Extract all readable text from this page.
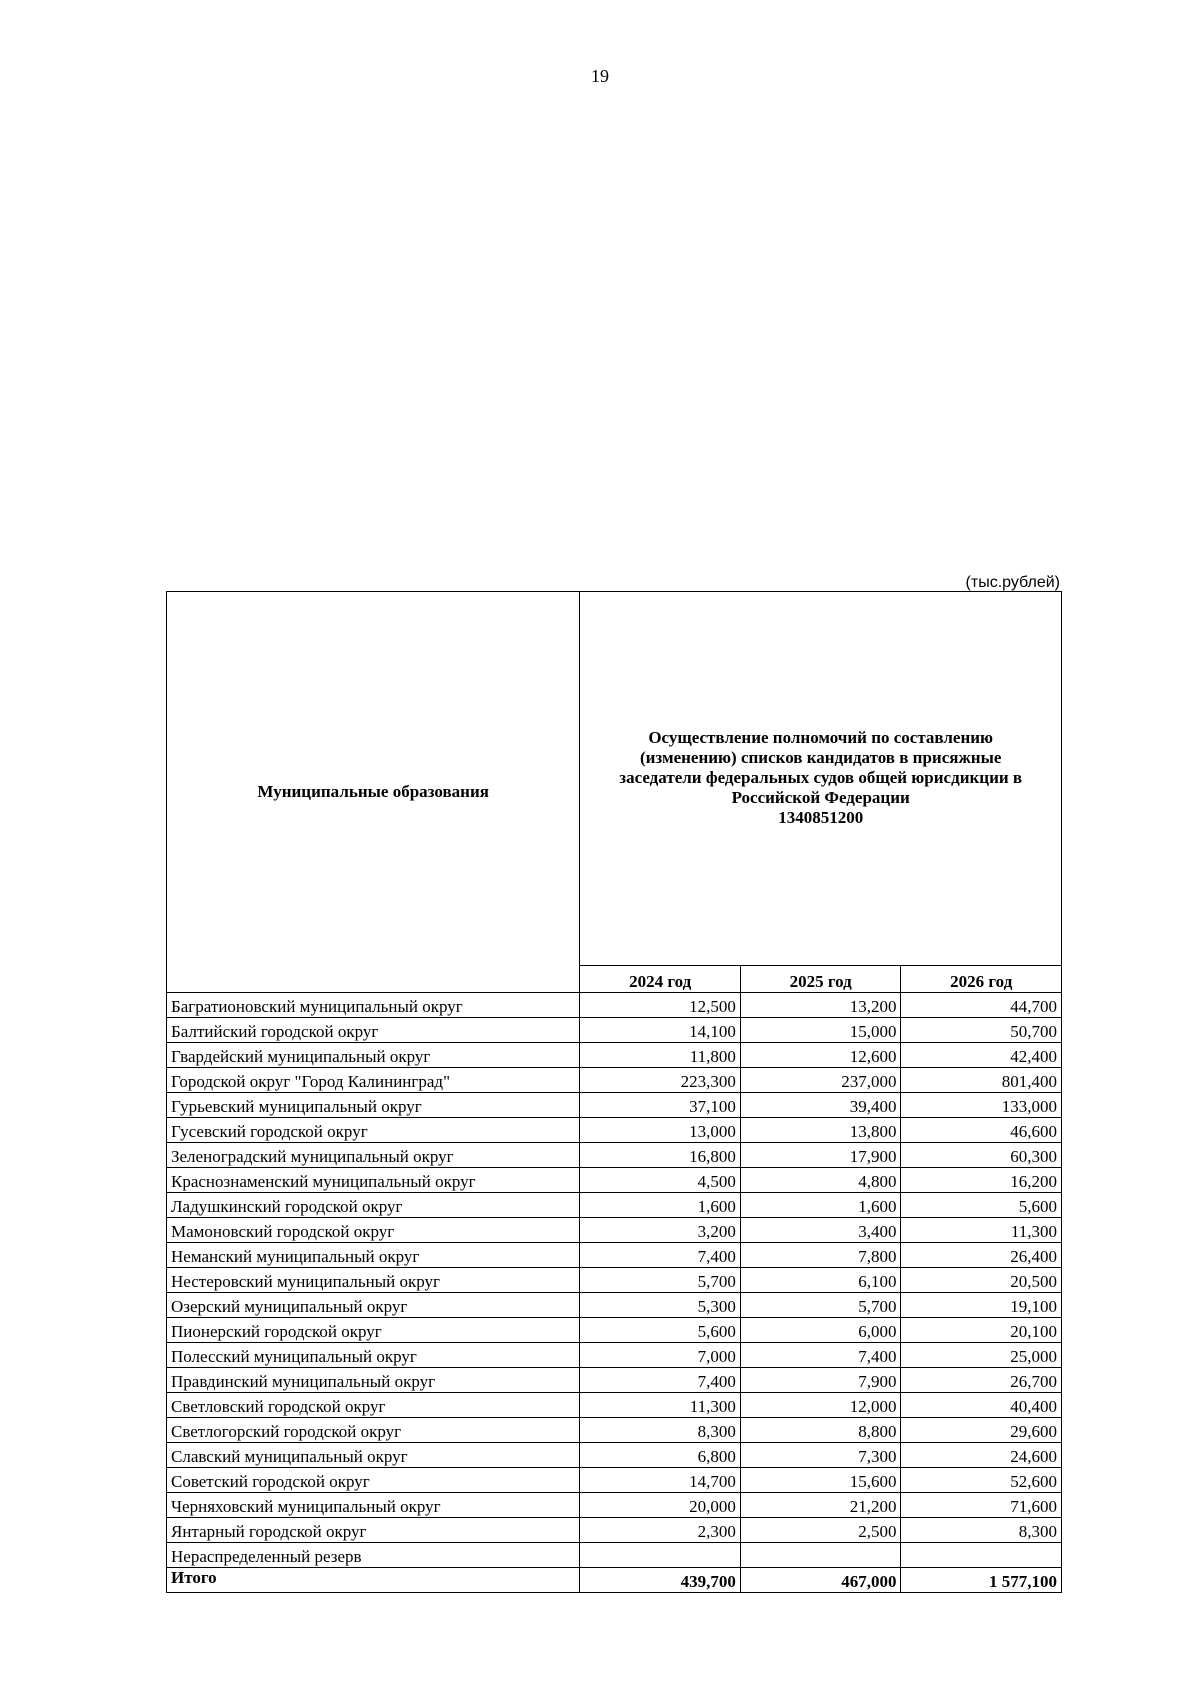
19
(тыс.рублей)
Муниципальные образования	Осуществление полномочий по составлению
(изменению) списков кандидатов в присяжные
заседатели федеральных судов общей юрисдикции в
Российской Федерации
1340851200		

	2024 год	2025 год	2026 год
Багратионовский муниципальный округ	12,500	13,200	44,700
Балтийский городской округ	14,100	15,000	50,700
Гвардейский муниципальный округ	11,800	12,600	42,400
Городской округ "Город Калининград"	223,300	237,000	801,400
Гурьевский муниципальный округ	37,100	39,400	133,000
Гусевский городской округ	13,000	13,800	46,600
Зеленоградский муниципальный округ	16,800	17,900	60,300
Краснознаменский муниципальный округ	4,500	4,800	16,200
Ладушкинский городской округ	1,600	1,600	5,600
Мамоновский городской округ	3,200	3,400	11,300
Неманский муниципальный округ	7,400	7,800	26,400
Нестеровский муниципальный округ	5,700	6,100	20,500
Озерский муниципальный округ	5,300	5,700	19,100
Пионерский городской округ	5,600	6,000	20,100
Полесский муниципальный округ	7,000	7,400	25,000
Правдинский муниципальный округ	7,400	7,900	26,700
Светловский городской округ	11,300	12,000	40,400
Светлогорский городской округ	8,300	8,800	29,600
Славский муниципальный округ	6,800	7,300	24,600
Советский городской округ	14,700	15,600	52,600
Черняховский муниципальный округ	20,000	21,200	71,600
Янтарный городской округ	2,300	2,500	8,300
Нераспределенный резерв			
Итого	439,700	467,000	1 577,100
